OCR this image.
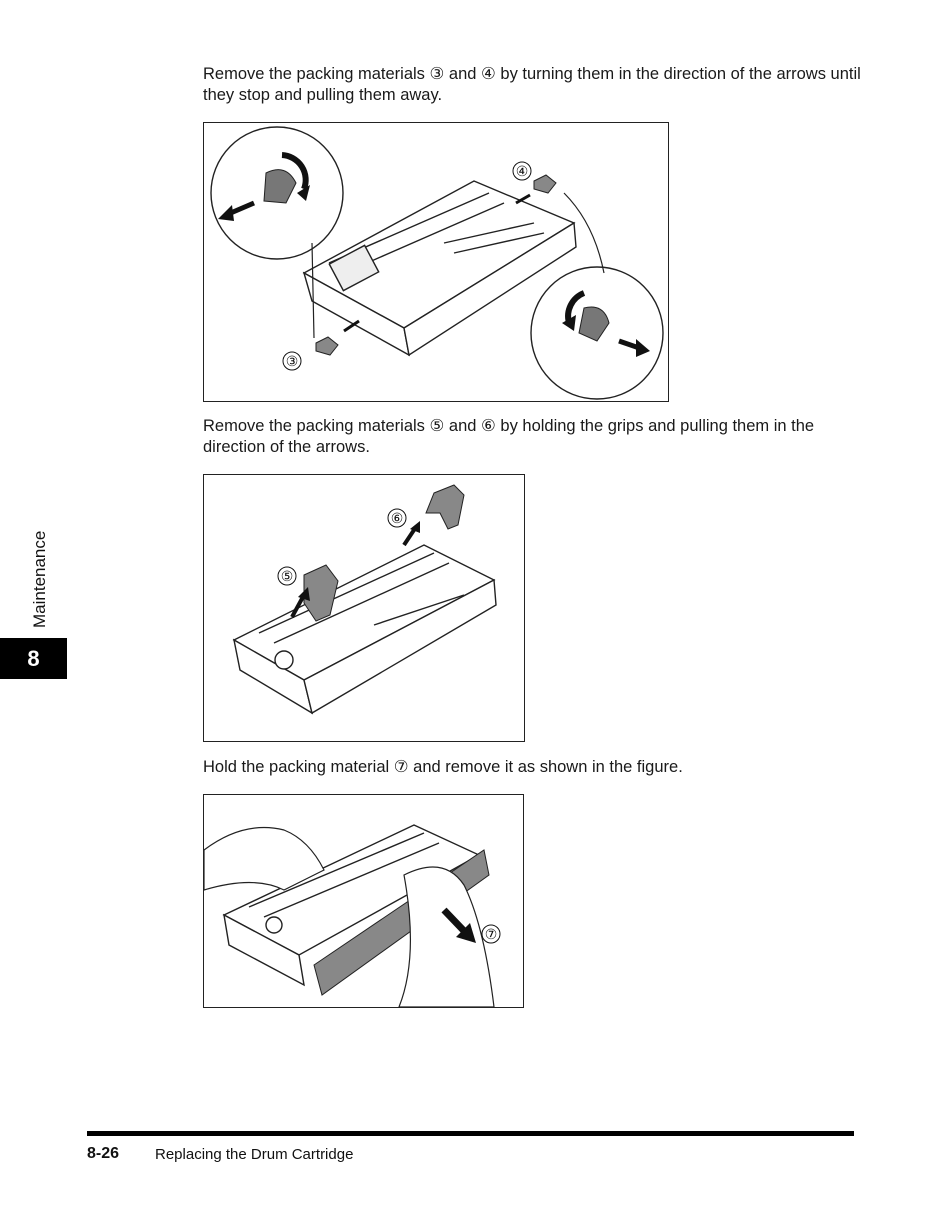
Remove the packing materials ③ and ④ by turning them in the direction of the arrows until they stop and pulling them away.

④
③

Remove the packing materials ⑤ and ⑥ by holding the grips and pulling them in the direction of the arrows.

⑥
⑤

Hold the packing material ⑦ and remove it as shown in the figure.

⑦
Maintenance
8
8-26 Replacing the Drum Cartridge
